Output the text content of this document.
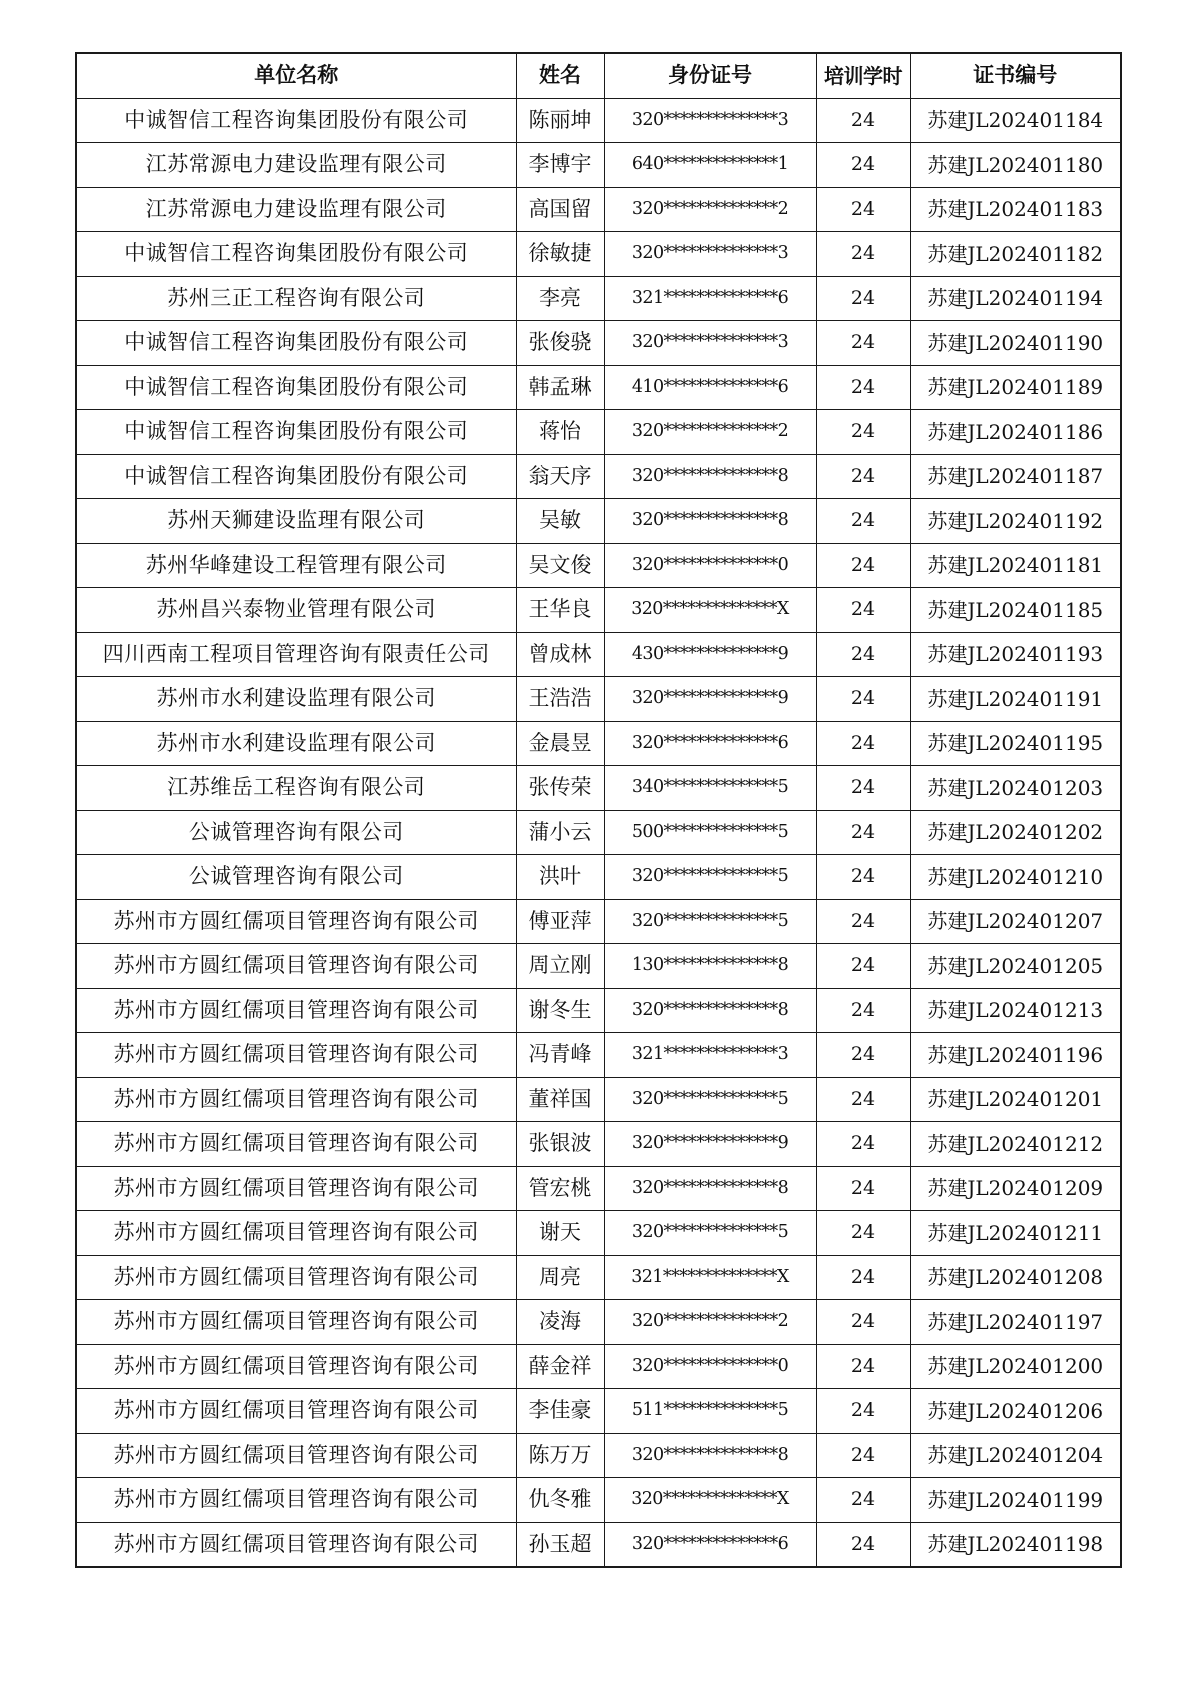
单位名称	姓名	身份证号	培训学时	证书编号
中诚智信工程咨询集团股份有限公司	陈丽坤	320**************3	24	苏建JL202401184
江苏常源电力建设监理有限公司	李博宇	640**************1	24	苏建JL202401180
江苏常源电力建设监理有限公司	高国留	320**************2	24	苏建JL202401183
中诚智信工程咨询集团股份有限公司	徐敏捷	320**************3	24	苏建JL202401182
苏州三正工程咨询有限公司	李亮	321**************6	24	苏建JL202401194
中诚智信工程咨询集团股份有限公司	张俊骁	320**************3	24	苏建JL202401190
中诚智信工程咨询集团股份有限公司	韩孟琳	410**************6	24	苏建JL202401189
中诚智信工程咨询集团股份有限公司	蒋怡	320**************2	24	苏建JL202401186
中诚智信工程咨询集团股份有限公司	翁天序	320**************8	24	苏建JL202401187
苏州天狮建设监理有限公司	吴敏	320**************8	24	苏建JL202401192
苏州华峰建设工程管理有限公司	吴文俊	320**************0	24	苏建JL202401181
苏州昌兴泰物业管理有限公司	王华良	320**************X	24	苏建JL202401185
四川西南工程项目管理咨询有限责任公司	曾成林	430**************9	24	苏建JL202401193
苏州市水利建设监理有限公司	王浩浩	320**************9	24	苏建JL202401191
苏州市水利建设监理有限公司	金晨昱	320**************6	24	苏建JL202401195
江苏维岳工程咨询有限公司	张传荣	340**************5	24	苏建JL202401203
公诚管理咨询有限公司	蒲小云	500**************5	24	苏建JL202401202
公诚管理咨询有限公司	洪叶	320**************5	24	苏建JL202401210
苏州市方圆红儒项目管理咨询有限公司	傅亚萍	320**************5	24	苏建JL202401207
苏州市方圆红儒项目管理咨询有限公司	周立刚	130**************8	24	苏建JL202401205
苏州市方圆红儒项目管理咨询有限公司	谢冬生	320**************8	24	苏建JL202401213
苏州市方圆红儒项目管理咨询有限公司	冯青峰	321**************3	24	苏建JL202401196
苏州市方圆红儒项目管理咨询有限公司	董祥国	320**************5	24	苏建JL202401201
苏州市方圆红儒项目管理咨询有限公司	张银波	320**************9	24	苏建JL202401212
苏州市方圆红儒项目管理咨询有限公司	管宏桃	320**************8	24	苏建JL202401209
苏州市方圆红儒项目管理咨询有限公司	谢天	320**************5	24	苏建JL202401211
苏州市方圆红儒项目管理咨询有限公司	周亮	321**************X	24	苏建JL202401208
苏州市方圆红儒项目管理咨询有限公司	凌海	320**************2	24	苏建JL202401197
苏州市方圆红儒项目管理咨询有限公司	薛金祥	320**************0	24	苏建JL202401200
苏州市方圆红儒项目管理咨询有限公司	李佳豪	511**************5	24	苏建JL202401206
苏州市方圆红儒项目管理咨询有限公司	陈万万	320**************8	24	苏建JL202401204
苏州市方圆红儒项目管理咨询有限公司	仇冬雅	320**************X	24	苏建JL202401199
苏州市方圆红儒项目管理咨询有限公司	孙玉超	320**************6	24	苏建JL202401198
